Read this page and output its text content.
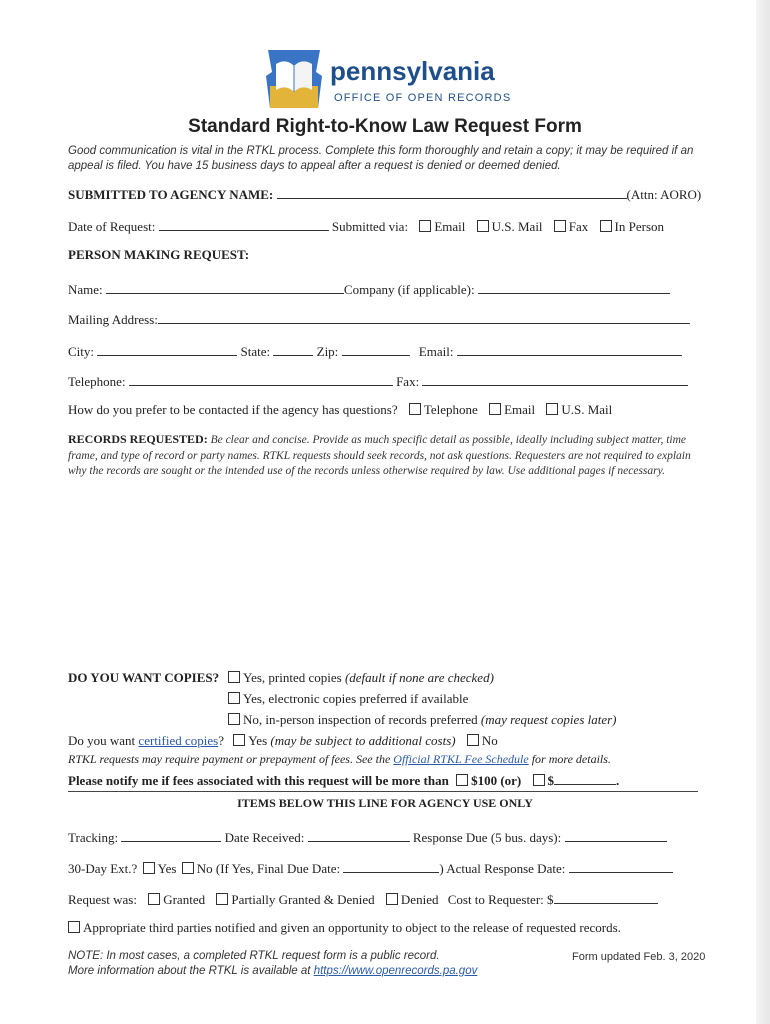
pennsylvania
OFFICE OF OPEN RECORDS
Standard Right-to-Know Law Request Form
Good communication is vital in the RTKL process. Complete this form thoroughly and retain a copy; it may be required if an appeal is filed. You have 15 business days to appeal after a request is denied or deemed denied.
SUBMITTED TO AGENCY NAME:	(Attn: AORO)
Date of Request:	Submitted via: Email U.S. Mail Fax In Person
PERSON MAKING REQUEST:
Name:	Company (if applicable):
Mailing Address:
City:	State:	Zip:	Email:
Telephone:	Fax:
How do you prefer to be contacted if the agency has questions? Telephone Email U.S. Mail
RECORDS REQUESTED: Be clear and concise. Provide as much specific detail as possible, ideally including subject matter, time frame, and type of record or party names. RTKL requests should seek records, not ask questions. Requesters are not required to explain why the records are sought or the intended use of the records unless otherwise required by law. Use additional pages if necessary.
DO YOU WANT COPIES?	Yes, printed copies (default if none are checked)
Yes, electronic copies preferred if available
No, in-person inspection of records preferred (may request copies later)
Do you want certified copies? Yes (may be subject to additional costs) No
RTKL requests may require payment or prepayment of fees. See the Official RTKL Fee Schedule for more details.
Please notify me if fees associated with this request will be more than $100 (or) $	.
ITEMS BELOW THIS LINE FOR AGENCY USE ONLY
Tracking:	Date Received:	Response Due (5 bus. days):
30-Day Ext.? Yes No (If Yes, Final Due Date:	) Actual Response Date:
Request was: Granted Partially Granted & Denied Denied Cost to Requester: $
Appropriate third parties notified and given an opportunity to object to the release of requested records.
NOTE: In most cases, a completed RTKL request form is a public record.
More information about the RTKL is available at https://www.openrecords.pa.gov
Form updated Feb. 3, 2020
